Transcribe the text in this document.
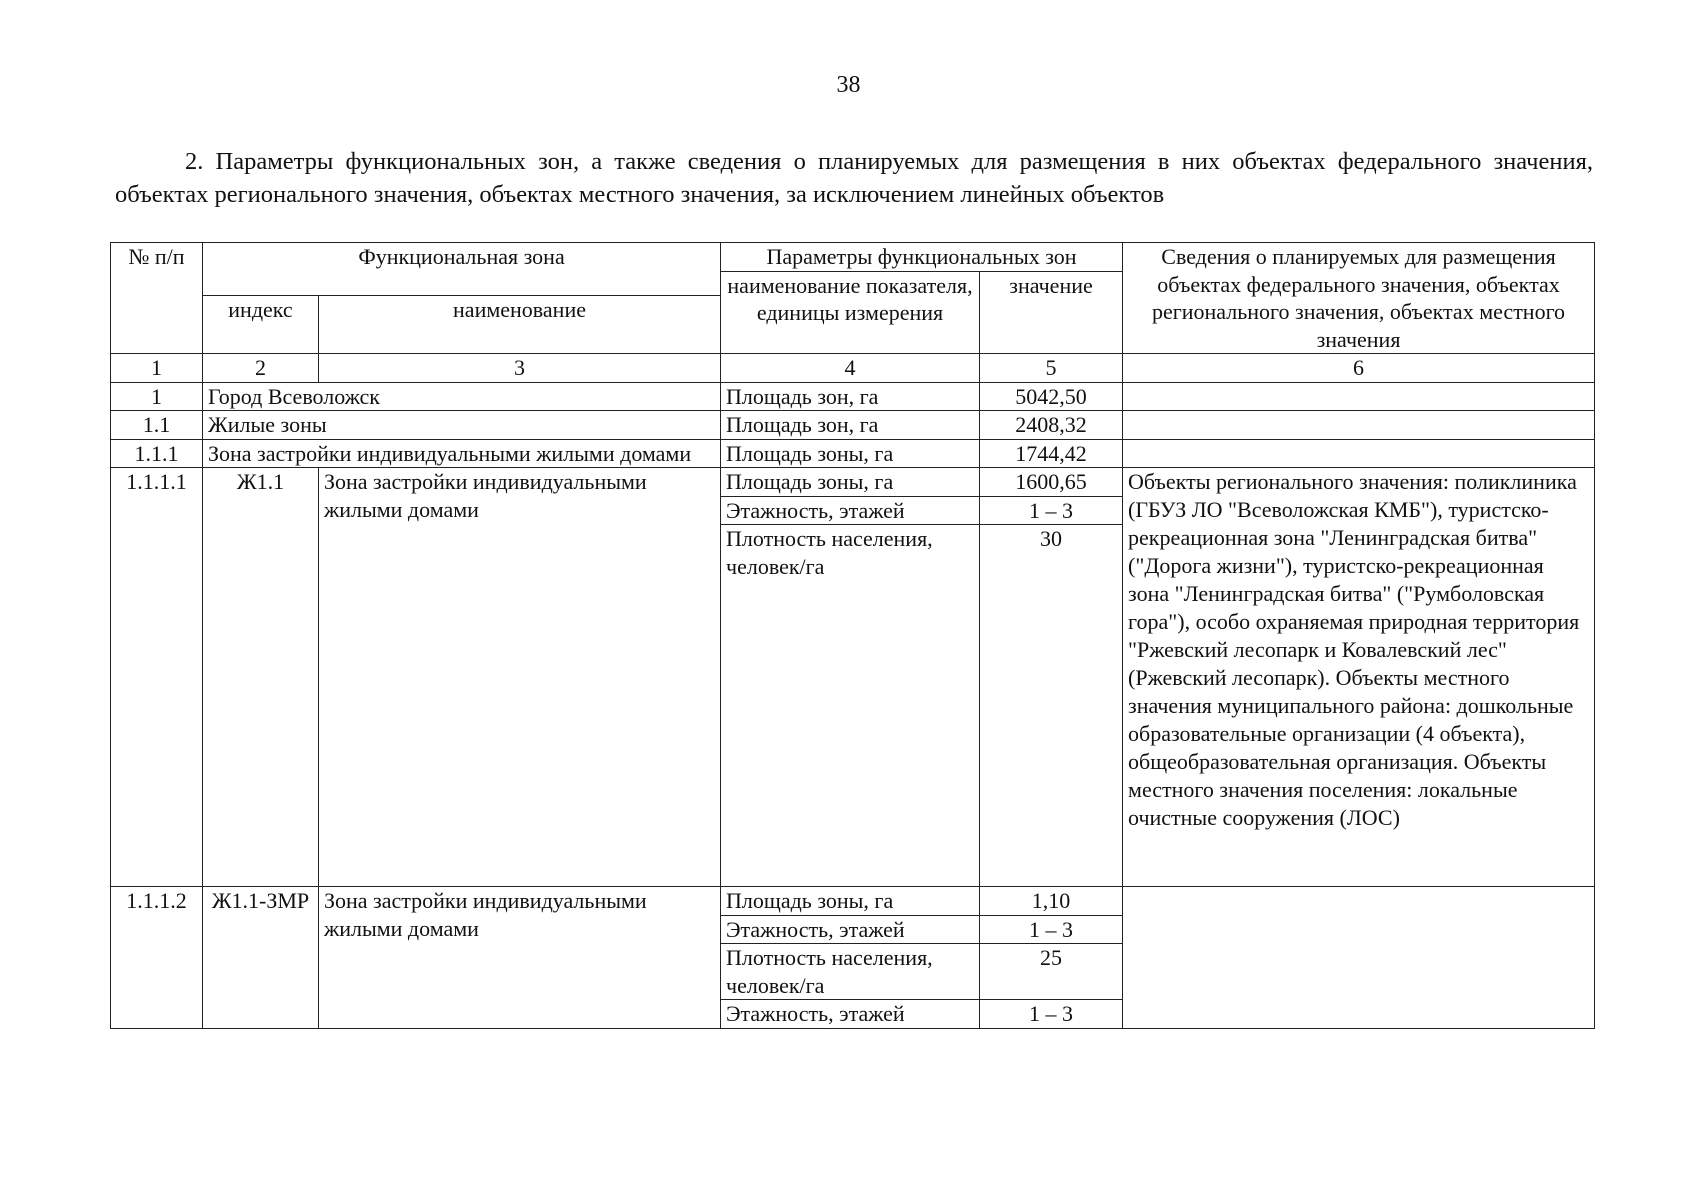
38
2. Параметры функциональных зон, а также сведения о планируемых для размещения в них объектах федерального значения, объектах регионального значения, объектах местного значения, за исключением линейных объектов
№ п/п	Функциональная зона		Параметры функциональных зон		Сведения о планируемых для размещения объектах федерального значения, объектах регионального значения, объектах местного значения
			наименование показателя, единицы измерения	значение	
	индекс	наименование			
1	2	3	4	5	6
1	Город Всеволожск		Площадь зон, га	5042,50	
1.1	Жилые зоны		Площадь зон, га	2408,32	
1.1.1	Зона застройки индивидуальными жилыми домами		Площадь зоны, га	1744,42	
1.1.1.1	Ж1.1	Зона застройки индивидуальными жилыми домами	Площадь зоны, га	1600,65	Объекты регионального значения: поликлиника (ГБУЗ ЛО "Всеволожская КМБ"), туристско-рекреационная зона "Ленинградская битва" ("Дорога жизни"), туристско-рекреационная зона "Ленинградская битва" ("Румболовская гора"), особо охраняемая природная территория "Ржевский лесопарк и Ковалевский лес" (Ржевский лесопарк). Объекты местного значения муниципального района: дошкольные образовательные организации (4 объекта), общеобразовательная организация. Объекты местного значения поселения: локальные очистные сооружения (ЛОС)
			Этажность, этажей	1 – 3	
			Плотность населения, человек/га	30	
1.1.1.2	Ж1.1-ЗМР	Зона застройки индивидуальными жилыми домами	Площадь зоны, га	1,10	
			Этажность, этажей	1 – 3	
			Плотность населения, человек/га	25	
			Этажность, этажей	1 – 3	
